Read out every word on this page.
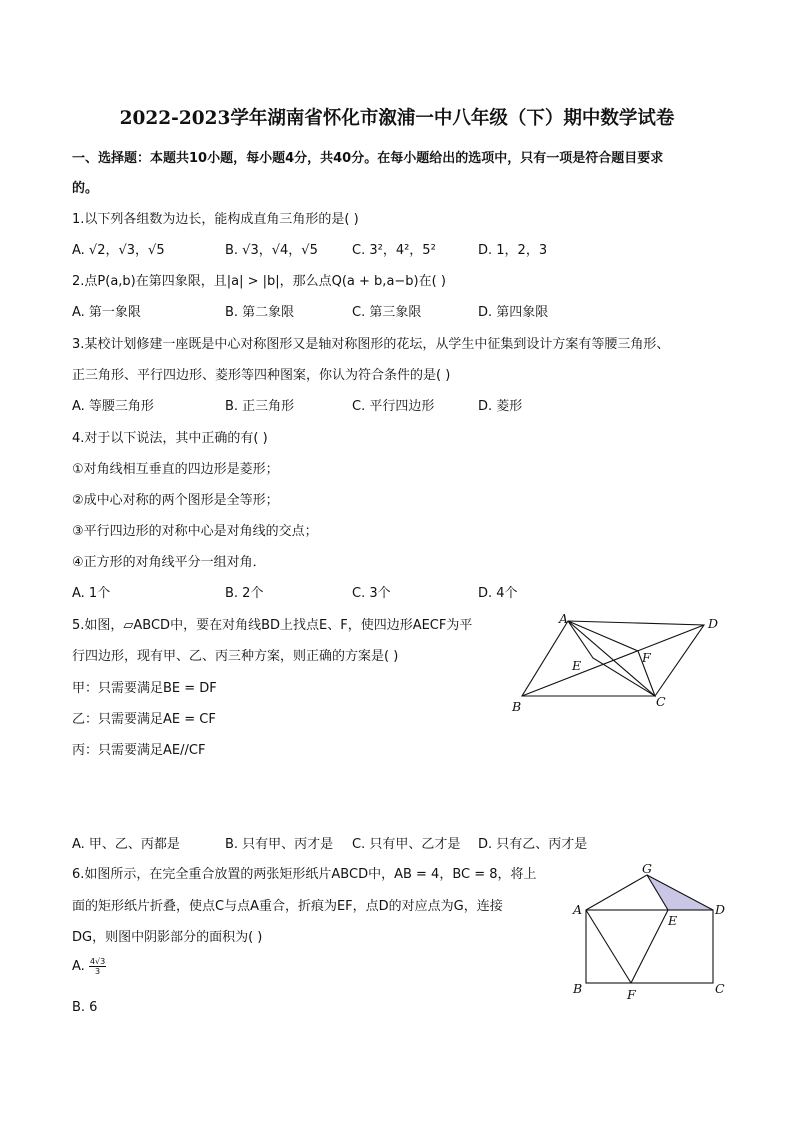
2022-2023学年湖南省怀化市溆浦一中八年级（下）期中数学试卷
一、选择题：本题共10小题，每小题4分，共40分。在每小题给出的选项中，只有一项是符合题目要求
的。
1.以下列各组数为边长，能构成直角三角形的是( )
A. √2，√3，√5	B. √3，√4，√5	C. 3²，4²，5²	D. 1，2，3
2.点P(a,b)在第四象限，且|a| > |b|，那么点Q(a + b,a−b)在( )
A. 第一象限	B. 第二象限	C. 第三象限	D. 第四象限
3.某校计划修建一座既是中心对称图形又是轴对称图形的花坛，从学生中征集到设计方案有等腰三角形、
正三角形、平行四边形、菱形等四种图案，你认为符合条件的是( )
A. 等腰三角形	B. 正三角形	C. 平行四边形	D. 菱形
4.对于以下说法，其中正确的有( )
①对角线相互垂直的四边形是菱形；
②成中心对称的两个图形是全等形；
③平行四边形的对称中心是对角线的交点；
④正方形的对角线平分一组对角．
A. 1个	B. 2个	C. 3个	D. 4个
5.如图，▱ABCD中，要在对角线BD上找点E、F，使四边形AECF为平
行四边形，现有甲、乙、丙三种方案，则正确的方案是( )
甲：只需要满足BE = DF
乙：只需要满足AE = CF
丙：只需要满足AE//CF
A. 甲、乙、丙都是	B. 只有甲、丙才是 C. 只有甲、乙才是 D. 只有乙、丙才是
A	D
B	C
E
F
6.如图所示，在完全重合放置的两张矩形纸片ABCD中，AB = 4，BC = 8，将上
面的矩形纸片折叠，使点C与点A重合，折痕为EF，点D的对应点为G，连接
DG，则图中阴影部分的面积为( )
A. $\frac{4√3}{3}$
B. 6
A	D
B	C
F
G
E
